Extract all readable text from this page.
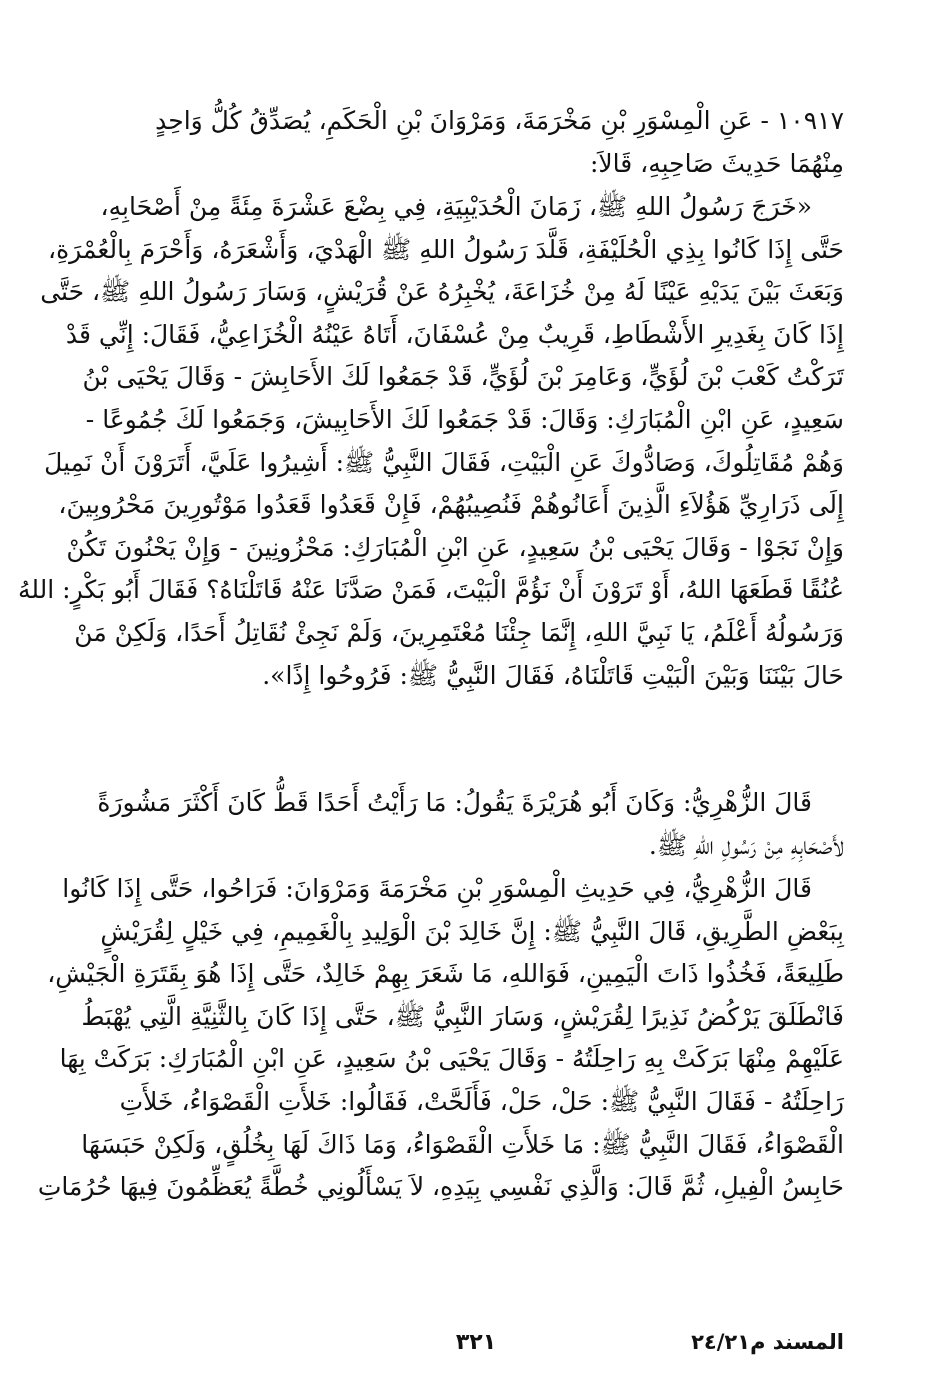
١٠٩١٧ - عَنِ الْمِسْوَرِ بْنِ مَخْرَمَةَ، وَمَرْوَانَ بْنِ الْحَكَمِ، يُصَدِّقُ كُلُّ وَاحِدٍ
مِنْهُمَا حَدِيثَ صَاحِبِهِ، قَالاَ:
«خَرَجَ رَسُولُ اللهِ ﷺ، زَمَانَ الْحُدَيْبِيَةِ، فِي بِضْعَ عَشْرَةَ مِئَةً مِنْ أَصْحَابِهِ،
حَتَّى إِذَا كَانُوا بِذِي الْحُلَيْفَةِ، قَلَّدَ رَسُولُ اللهِ ﷺ الْهَدْيَ، وَأَشْعَرَهُ، وَأَحْرَمَ بِالْعُمْرَةِ،
وَبَعَثَ بَيْنَ يَدَيْهِ عَيْنًا لَهُ مِنْ خُزَاعَةَ، يُخْبِرُهُ عَنْ قُرَيْشٍ، وَسَارَ رَسُولُ اللهِ ﷺ، حَتَّى
إِذَا كَانَ بِغَدِيرِ الأَشْطَاطِ، قَرِيبٌ مِنْ عُسْفَانَ، أَتَاهُ عَيْنُهُ الْخُزَاعِيُّ، فَقَالَ: إِنِّي قَدْ
تَرَكْتُ كَعْبَ بْنَ لُؤَيٍّ، وَعَامِرَ بْنَ لُؤَيٍّ، قَدْ جَمَعُوا لَكَ الأَحَابِشَ - وَقَالَ يَحْيَى بْنُ
سَعِيدٍ، عَنِ ابْنِ الْمُبَارَكِ: وَقَالَ: قَدْ جَمَعُوا لَكَ الأَحَابِيشَ، وَجَمَعُوا لَكَ جُمُوعًا -
وَهُمْ مُقَاتِلُوكَ، وَصَادُّوكَ عَنِ الْبَيْتِ، فَقَالَ النَّبِيُّ ﷺ: أَشِيرُوا عَلَيَّ، أَتَرَوْنَ أَنْ نَمِيلَ
إِلَى ذَرَارِيِّ هَؤُلاَءِ الَّذِينَ أَعَانُوهُمْ فَنُصِيبُهُمْ، فَإِنْ قَعَدُوا قَعَدُوا مَوْتُورِينَ مَحْرُوبِينَ،
وَإِنْ نَجَوْا - وَقَالَ يَحْيَى بْنُ سَعِيدٍ، عَنِ ابْنِ الْمُبَارَكِ: مَحْزُونِينَ - وَإِنْ يَحْنُونَ تَكُنْ
عُنُقًا قَطَعَهَا اللهُ، أَوْ تَرَوْنَ أَنْ نَؤُمَّ الْبَيْتَ، فَمَنْ صَدَّنَا عَنْهُ قَاتَلْنَاهُ؟ فَقَالَ أَبُو بَكْرٍ: اللهُ
وَرَسُولُهُ أَعْلَمُ، يَا نَبِيَّ اللهِ، إِنَّمَا جِئْنَا مُعْتَمِرِينَ، وَلَمْ نَجِئْ نُقَاتِلُ أَحَدًا، وَلَكِنْ مَنْ
حَالَ بَيْنَنَا وَبَيْنَ الْبَيْتِ قَاتَلْنَاهُ، فَقَالَ النَّبِيُّ ﷺ: فَرُوحُوا إِذًا».
قَالَ الزُّهْرِيُّ: وَكَانَ أَبُو هُرَيْرَةَ يَقُولُ: مَا رَأَيْتُ أَحَدًا قَطُّ كَانَ أَكْثَرَ مَشُورَةً
لأَصْحَابِهِ مِنْ رَسُولِ اللهِ ﷺ.
قَالَ الزُّهْرِيُّ، فِي حَدِيثِ الْمِسْوَرِ بْنِ مَخْرَمَةَ وَمَرْوَانَ: فَرَاحُوا، حَتَّى إِذَا كَانُوا
بِبَعْضِ الطَّرِيقِ، قَالَ النَّبِيُّ ﷺ: إِنَّ خَالِدَ بْنَ الْوَلِيدِ بِالْغَمِيمِ، فِي خَيْلٍ لِقُرَيْشٍ
طَلِيعَةً، فَخُذُوا ذَاتَ الْيَمِينِ، فَوَاللهِ، مَا شَعَرَ بِهِمْ خَالِدٌ، حَتَّى إِذَا هُوَ بِقَتَرَةِ الْجَيْشِ،
فَانْطَلَقَ يَرْكُضُ نَذِيرًا لِقُرَيْشٍ، وَسَارَ النَّبِيُّ ﷺ، حَتَّى إِذَا كَانَ بِالثَّنِيَّةِ الَّتِي يُهْبَطُ
عَلَيْهِمْ مِنْهَا بَرَكَتْ بِهِ رَاحِلَتُهُ - وَقَالَ يَحْيَى بْنُ سَعِيدٍ، عَنِ ابْنِ الْمُبَارَكِ: بَرَكَتْ بِهَا
رَاحِلَتُهُ - فَقَالَ النَّبِيُّ ﷺ: حَلْ، حَلْ، فَأَلَحَّتْ، فَقَالُوا: خَلأَتِ الْقَصْوَاءُ، خَلأَتِ
الْقَصْوَاءُ، فَقَالَ النَّبِيُّ ﷺ: مَا خَلأَتِ الْقَصْوَاءُ، وَمَا ذَاكَ لَهَا بِخُلُقٍ، وَلَكِنْ حَبَسَهَا
حَابِسُ الْفِيلِ، ثُمَّ قَالَ: وَالَّذِي نَفْسِي بِيَدِهِ، لاَ يَسْأَلُونِي خُطَّةً يُعَظِّمُونَ فِيهَا حُرُمَاتِ
المسند م٢٤/٢١
٣٢١
